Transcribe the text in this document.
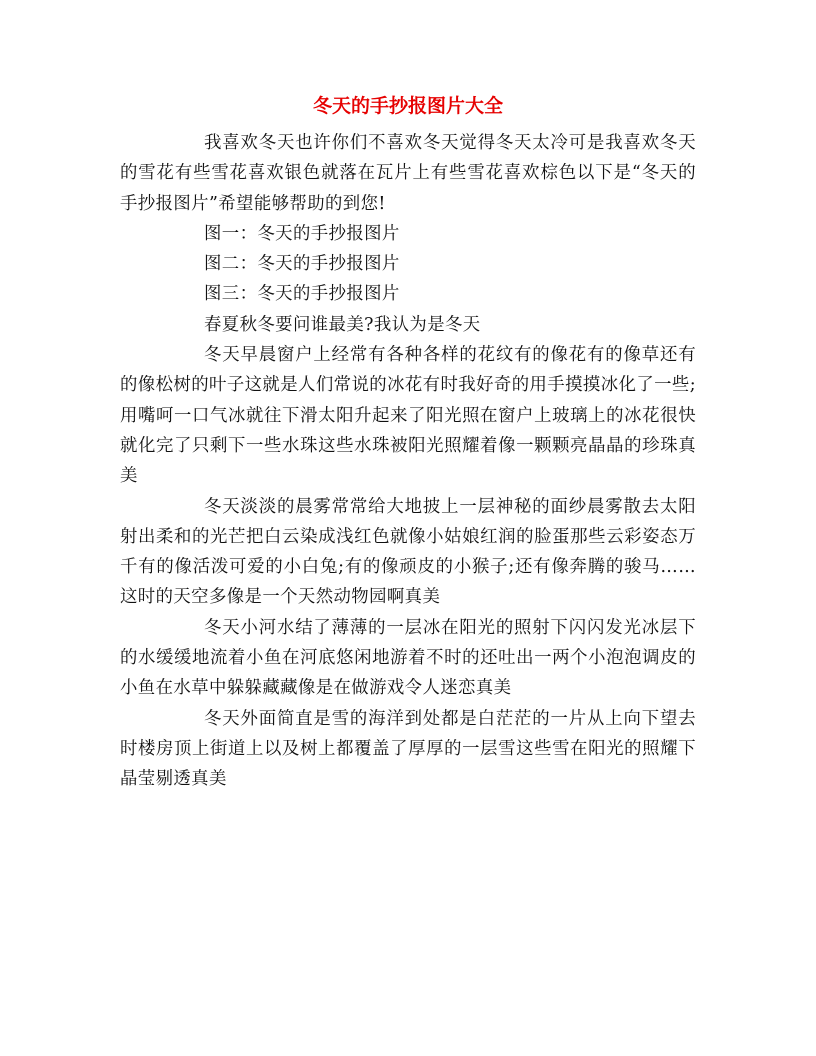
冬天的手抄报图片大全

我喜欢冬天也许你们不喜欢冬天觉得冬天太冷可是我喜欢冬天的雪花有些雪花喜欢银色就落在瓦片上有些雪花喜欢棕色以下是“冬天的手抄报图片”希望能够帮助的到您!

图一：冬天的手抄报图片

图二：冬天的手抄报图片

图三：冬天的手抄报图片

春夏秋冬要问谁最美?我认为是冬天

冬天早晨窗户上经常有各种各样的花纹有的像花有的像草还有的像松树的叶子这就是人们常说的冰花有时我好奇的用手摸摸冰化了一些;用嘴呵一口气冰就往下滑太阳升起来了阳光照在窗户上玻璃上的冰花很快就化完了只剩下一些水珠这些水珠被阳光照耀着像一颗颗亮晶晶的珍珠真美

冬天淡淡的晨雾常常给大地披上一层神秘的面纱晨雾散去太阳射出柔和的光芒把白云染成浅红色就像小姑娘红润的脸蛋那些云彩姿态万千有的像活泼可爱的小白兔;有的像顽皮的小猴子;还有像奔腾的骏马……这时的天空多像是一个天然动物园啊真美

冬天小河水结了薄薄的一层冰在阳光的照射下闪闪发光冰层下的水缓缓地流着小鱼在河底悠闲地游着不时的还吐出一两个小泡泡调皮的小鱼在水草中躲躲藏藏像是在做游戏令人迷恋真美

冬天外面简直是雪的海洋到处都是白茫茫的一片从上向下望去时楼房顶上街道上以及树上都覆盖了厚厚的一层雪这些雪在阳光的照耀下晶莹剔透真美
